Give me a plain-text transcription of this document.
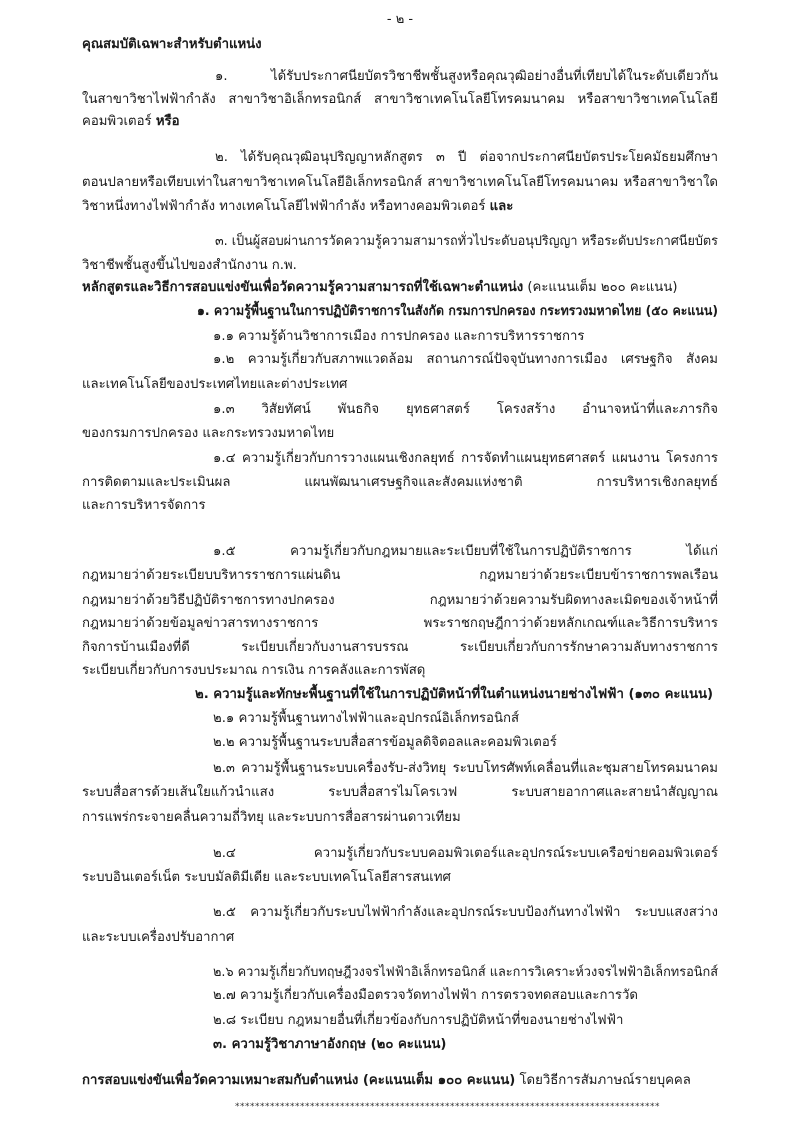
- ๒ -
คุณสมบัติเฉพาะสำหรับตำแหน่ง
๑. ได้รับประกาศนียบัตรวิชาชีพชั้นสูงหรือคุณวุฒิอย่างอื่นที่เทียบได้ในระดับเดียวกัน
ในสาขาวิชาไฟฟ้ากำลัง สาขาวิชาอิเล็กทรอนิกส์ สาขาวิชาเทคโนโลยีโทรคมนาคม หรือสาขาวิชาเทคโนโลยี
คอมพิวเตอร์ หรือ
๒. ได้รับคุณวุฒิอนุปริญญาหลักสูตร ๓ ปี ต่อจากประกาศนียบัตรประโยคมัธยมศึกษา
ตอนปลายหรือเทียบเท่าในสาขาวิชาเทคโนโลยีอิเล็กทรอนิกส์ สาขาวิชาเทคโนโลยีโทรคมนาคม หรือสาขาวิชาใด
วิชาหนึ่งทางไฟฟ้ากำลัง ทางเทคโนโลยีไฟฟ้ากำลัง หรือทางคอมพิวเตอร์ และ
๓. เป็นผู้สอบผ่านการวัดความรู้ความสามารถทั่วไประดับอนุปริญญา หรือระดับประกาศนียบัตร
วิชาชีพชั้นสูงขึ้นไปของสำนักงาน ก.พ.
หลักสูตรและวิธีการสอบแข่งขันเพื่อวัดความรู้ความสามารถที่ใช้เฉพาะตำแหน่ง (คะแนนเต็ม ๒๐๐ คะแนน)
๑. ความรู้พื้นฐานในการปฏิบัติราชการในสังกัด กรมการปกครอง กระทรวงมหาดไทย (๕๐ คะแนน)
๑.๑ ความรู้ด้านวิชาการเมือง การปกครอง และการบริหารราชการ
๑.๒ ความรู้เกี่ยวกับสภาพแวดล้อม สถานการณ์ปัจจุบันทางการเมือง เศรษฐกิจ สังคม
และเทคโนโลยีของประเทศไทยและต่างประเทศ
๑.๓ วิสัยทัศน์ พันธกิจ ยุทธศาสตร์ โครงสร้าง อำนาจหน้าที่และภารกิจ
ของกรมการปกครอง และกระทรวงมหาดไทย
๑.๔ ความรู้เกี่ยวกับการวางแผนเชิงกลยุทธ์ การจัดทำแผนยุทธศาสตร์ แผนงาน โครงการ
การติดตามและประเมินผล แผนพัฒนาเศรษฐกิจและสังคมแห่งชาติ การบริหารเชิงกลยุทธ์
และการบริหารจัดการ
๑.๕ ความรู้เกี่ยวกับกฎหมายและระเบียบที่ใช้ในการปฏิบัติราชการ ได้แก่
กฎหมายว่าด้วยระเบียบบริหารราชการแผ่นดิน กฎหมายว่าด้วยระเบียบข้าราชการพลเรือน
กฎหมายว่าด้วยวิธีปฏิบัติราชการทางปกครอง กฎหมายว่าด้วยความรับผิดทางละเมิดของเจ้าหน้าที่
กฎหมายว่าด้วยข้อมูลข่าวสารทางราชการ พระราชกฤษฎีกาว่าด้วยหลักเกณฑ์และวิธีการบริหาร
กิจการบ้านเมืองที่ดี ระเบียบเกี่ยวกับงานสารบรรณ ระเบียบเกี่ยวกับการรักษาความลับทางราชการ
ระเบียบเกี่ยวกับการงบประมาณ การเงิน การคลังและการพัสดุ
๒. ความรู้และทักษะพื้นฐานที่ใช้ในการปฏิบัติหน้าที่ในตำแหน่งนายช่างไฟฟ้า (๑๓๐ คะแนน)
๒.๑ ความรู้พื้นฐานทางไฟฟ้าและอุปกรณ์อิเล็กทรอนิกส์
๒.๒ ความรู้พื้นฐานระบบสื่อสารข้อมูลดิจิตอลและคอมพิวเตอร์
๒.๓ ความรู้พื้นฐานระบบเครื่องรับ-ส่งวิทยุ ระบบโทรศัพท์เคลื่อนที่และชุมสายโทรคมนาคม
ระบบสื่อสารด้วยเส้นใยแก้วนำแสง ระบบสื่อสารไมโครเวฟ ระบบสายอากาศและสายนำสัญญาณ
การแพร่กระจายคลื่นความถี่วิทยุ และระบบการสื่อสารผ่านดาวเทียม
๒.๔ ความรู้เกี่ยวกับระบบคอมพิวเตอร์และอุปกรณ์ระบบเครือข่ายคอมพิวเตอร์
ระบบอินเตอร์เน็ต ระบบมัลติมีเดีย และระบบเทคโนโลยีสารสนเทศ
๒.๕ ความรู้เกี่ยวกับระบบไฟฟ้ากำลังและอุปกรณ์ระบบป้องกันทางไฟฟ้า ระบบแสงสว่าง
และระบบเครื่องปรับอากาศ
๒.๖ ความรู้เกี่ยวกับทฤษฎีวงจรไฟฟ้าอิเล็กทรอนิกส์ และการวิเคราะห์วงจรไฟฟ้าอิเล็กทรอนิกส์
๒.๗ ความรู้เกี่ยวกับเครื่องมือตรวจวัดทางไฟฟ้า การตรวจทดสอบและการวัด
๒.๘ ระเบียบ กฎหมายอื่นที่เกี่ยวข้องกับการปฏิบัติหน้าที่ของนายช่างไฟฟ้า
๓. ความรู้วิชาภาษาอังกฤษ (๒๐ คะแนน)
การสอบแข่งขันเพื่อวัดความเหมาะสมกับตำแหน่ง (คะแนนเต็ม ๑๐๐ คะแนน) โดยวิธีการสัมภาษณ์รายบุคคล
*************************************************************************************
